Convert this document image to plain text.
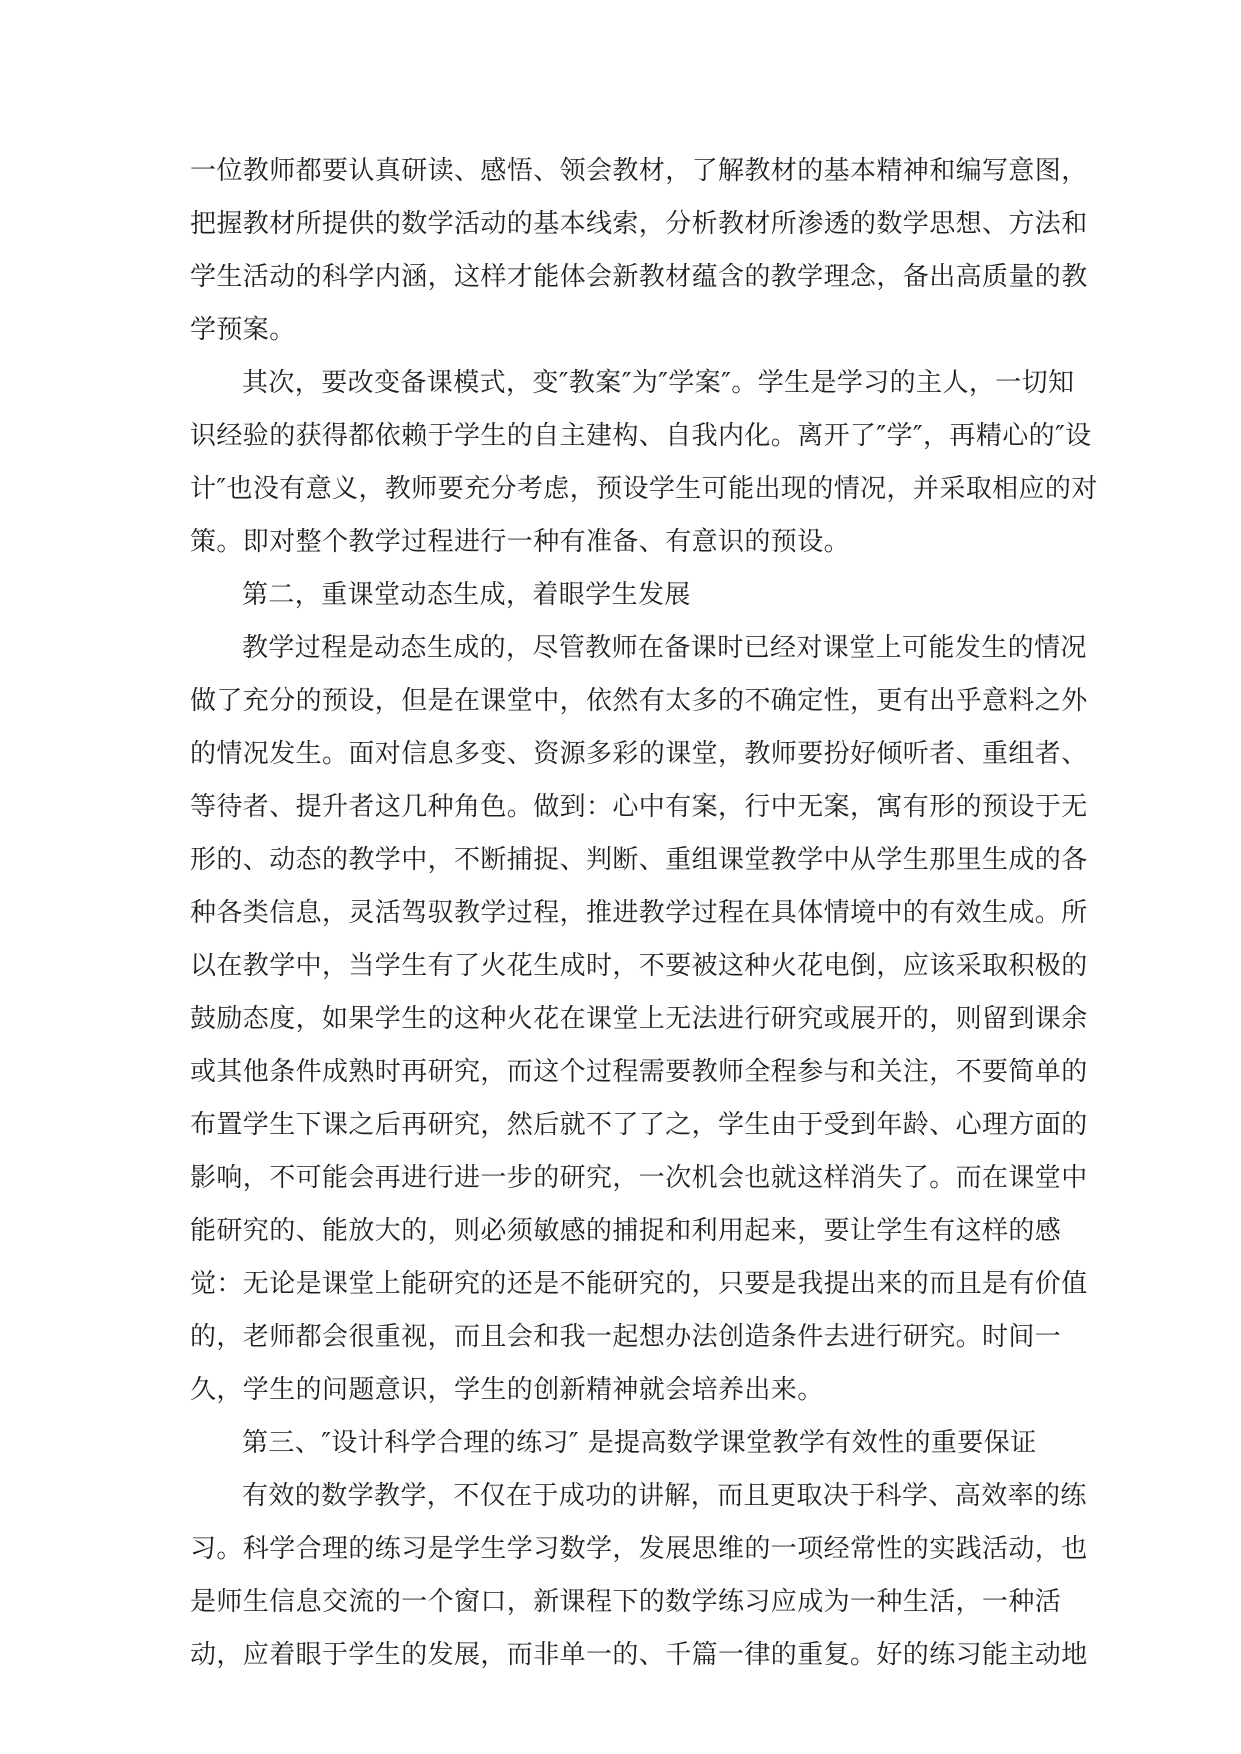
一位教师都要认真研读、感悟、领会教材，了解教材的基本精神和编写意图，
把握教材所提供的数学活动的基本线索，分析教材所渗透的数学思想、方法和
学生活动的科学内涵，这样才能体会新教材蕴含的教学理念，备出高质量的教
学预案。
其次，要改变备课模式，变″教案″为″学案″。学生是学习的主人，一切知
识经验的获得都依赖于学生的自主建构、自我内化。离开了″学″，再精心的″设
计″也没有意义，教师要充分考虑，预设学生可能出现的情况，并采取相应的对
策。即对整个教学过程进行一种有准备、有意识的预设。
第二，重课堂动态生成，着眼学生发展
教学过程是动态生成的，尽管教师在备课时已经对课堂上可能发生的情况
做了充分的预设，但是在课堂中，依然有太多的不确定性，更有出乎意料之外
的情况发生。面对信息多变、资源多彩的课堂，教师要扮好倾听者、重组者、
等待者、提升者这几种角色。做到：心中有案，行中无案，寓有形的预设于无
形的、动态的教学中，不断捕捉、判断、重组课堂教学中从学生那里生成的各
种各类信息，灵活驾驭教学过程，推进教学过程在具体情境中的有效生成。所
以在教学中，当学生有了火花生成时，不要被这种火花电倒，应该采取积极的
鼓励态度，如果学生的这种火花在课堂上无法进行研究或展开的，则留到课余
或其他条件成熟时再研究，而这个过程需要教师全程参与和关注，不要简单的
布置学生下课之后再研究，然后就不了了之，学生由于受到年龄、心理方面的
影响，不可能会再进行进一步的研究，一次机会也就这样消失了。而在课堂中
能研究的、能放大的，则必须敏感的捕捉和利用起来，要让学生有这样的感
觉：无论是课堂上能研究的还是不能研究的，只要是我提出来的而且是有价值
的，老师都会很重视，而且会和我一起想办法创造条件去进行研究。时间一
久，学生的问题意识，学生的创新精神就会培养出来。
第三、″设计科学合理的练习″ 是提高数学课堂教学有效性的重要保证
有效的数学教学，不仅在于成功的讲解，而且更取决于科学、高效率的练
习。科学合理的练习是学生学习数学，发展思维的一项经常性的实践活动，也
是师生信息交流的一个窗口，新课程下的数学练习应成为一种生活，一种活
动，应着眼于学生的发展，而非单一的、千篇一律的重复。好的练习能主动地
